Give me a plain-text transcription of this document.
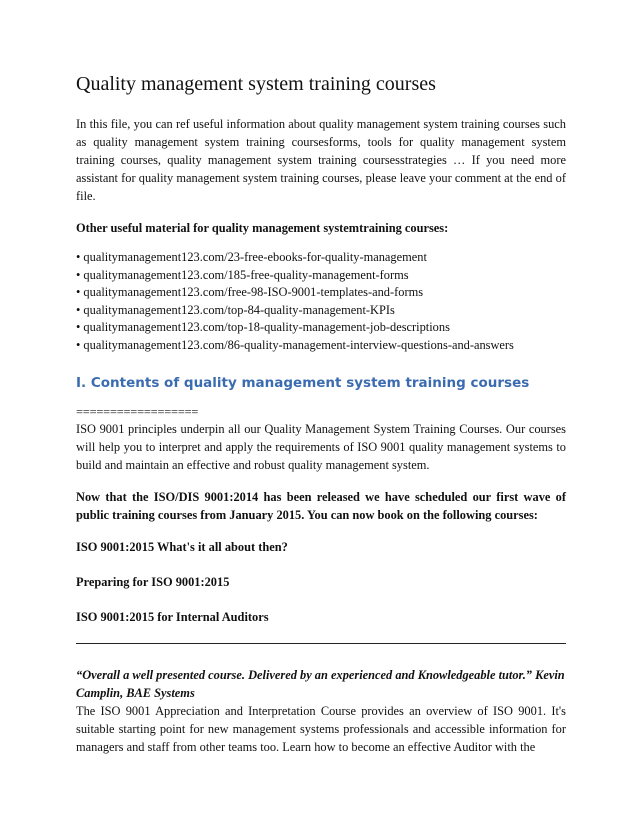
Quality management system training courses

In this file, you can ref useful information about quality management system training courses such as quality management system training coursesforms, tools for quality management system training courses, quality management system training coursesstrategies … If you need more assistant for quality management system training courses, please leave your comment at the end of file.

Other useful material for quality management systemtraining courses:

• qualitymanagement123.com/23-free-ebooks-for-quality-management
• qualitymanagement123.com/185-free-quality-management-forms
• qualitymanagement123.com/free-98-ISO-9001-templates-and-forms
• qualitymanagement123.com/top-84-quality-management-KPIs
• qualitymanagement123.com/top-18-quality-management-job-descriptions
• qualitymanagement123.com/86-quality-management-interview-questions-and-answers
I. Contents of quality management system training courses
==================

ISO 9001 principles underpin all our Quality Management System Training Courses. Our courses will help you to interpret and apply the requirements of ISO 9001 quality management systems to build and maintain an effective and robust quality management system.

Now that the ISO/DIS 9001:2014 has been released we have scheduled our first wave of public training courses from January 2015. You can now book on the following courses:

ISO 9001:2015 What's it all about then?

Preparing for ISO 9001:2015

ISO 9001:2015 for Internal Auditors

“Overall a well presented course. Delivered by an experienced and Knowledgeable tutor.” Kevin Camplin, BAE Systems

The ISO 9001 Appreciation and Interpretation Course provides an overview of ISO 9001. It's suitable starting point for new management systems professionals and accessible information for managers and staff from other teams too. Learn how to become an effective Auditor with the
